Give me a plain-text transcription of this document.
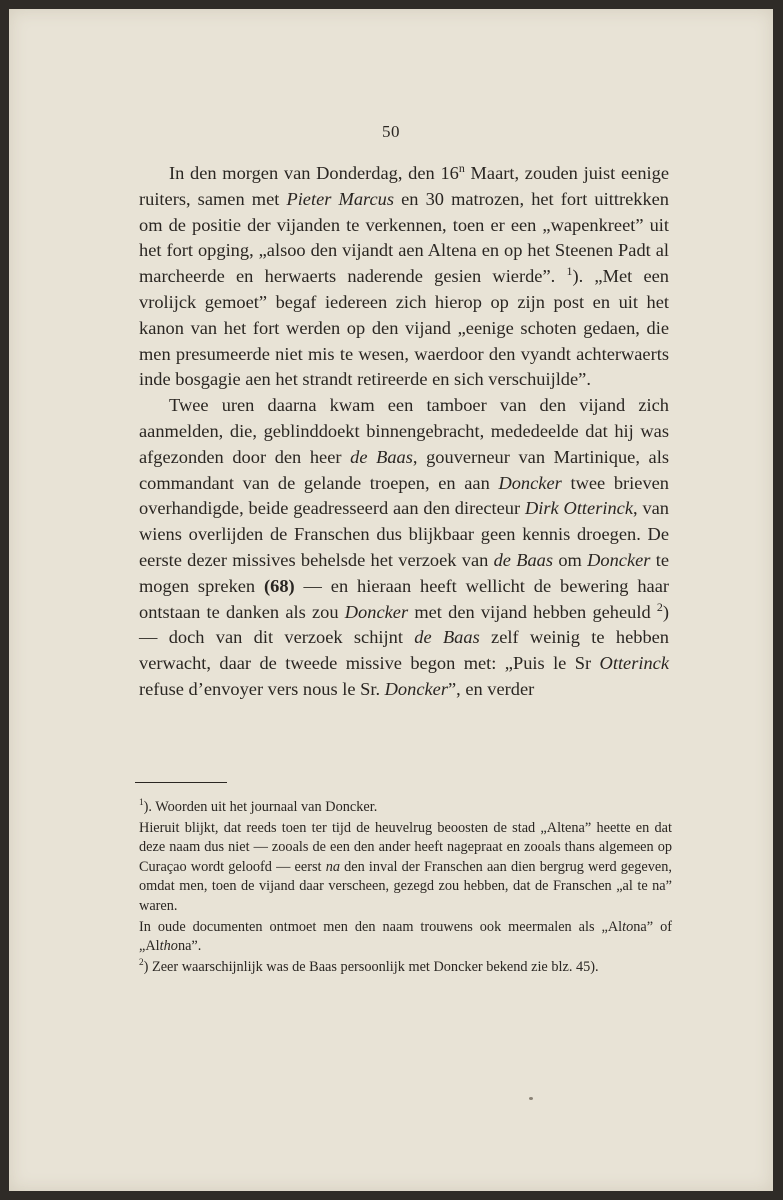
50

In den morgen van Donderdag, den 16$^n$ Maart, zouden juist eenige ruiters, samen met Pieter Marcus en 30 matrozen, het fort uittrekken om de positie der vijanden te verkennen, toen er een „wapenkreet” uit het fort opging, „alsoo den vijandt aen Altena en op het Steenen Padt al marcheerde en herwaerts naderende gesien wierde”. $^1$). „Met een vrolijck gemoet” begaf iedereen zich hierop op zijn post en uit het kanon van het fort werden op den vijand „eenige schoten gedaen, die men presumeerde niet mis te wesen, waerdoor den vyandt achterwaerts inde bosgagie aen het strandt retireerde en sich verschuijlde”.

Twee uren daarna kwam een tamboer van den vijand zich aanmelden, die, geblinddoekt binnengebracht, mededeelde dat hij was afgezonden door den heer de Baas, gouverneur van Martinique, als commandant van de gelande troepen, en aan Doncker twee brieven overhandigde, beide geadresseerd aan den directeur Dirk Otterinck, van wiens overlijden de Franschen dus blijkbaar geen kennis droegen. De eerste dezer missives behelsde het verzoek van de Baas om Doncker te mogen spreken (68) — en hieraan heeft wellicht de bewering haar ontstaan te danken als zou Doncker met den vijand hebben geheuld $^2$) — doch van dit verzoek schijnt de Baas zelf weinig te hebben verwacht, daar de tweede missive begon met: „Puis le Sr Otterinck refuse d’envoyer vers nous le Sr. Doncker”, en verder

$^1$). Woorden uit het journaal van Doncker.

Hieruit blijkt, dat reeds toen ter tijd de heuvelrug beoosten de stad „Altena” heette en dat deze naam dus niet — zooals de een den ander heeft nagepraat en zooals thans algemeen op Curaçao wordt geloofd — eerst na den inval der Franschen aan dien bergrug werd gegeven, omdat men, toen de vijand daar verscheen, gezegd zou hebben, dat de Franschen „al te na” waren.

In oude documenten ontmoet men den naam trouwens ook meermalen als „Altona” of „Althona”.

$^2$) Zeer waarschijnlijk was de Baas persoonlijk met Doncker bekend zie blz. 45).
